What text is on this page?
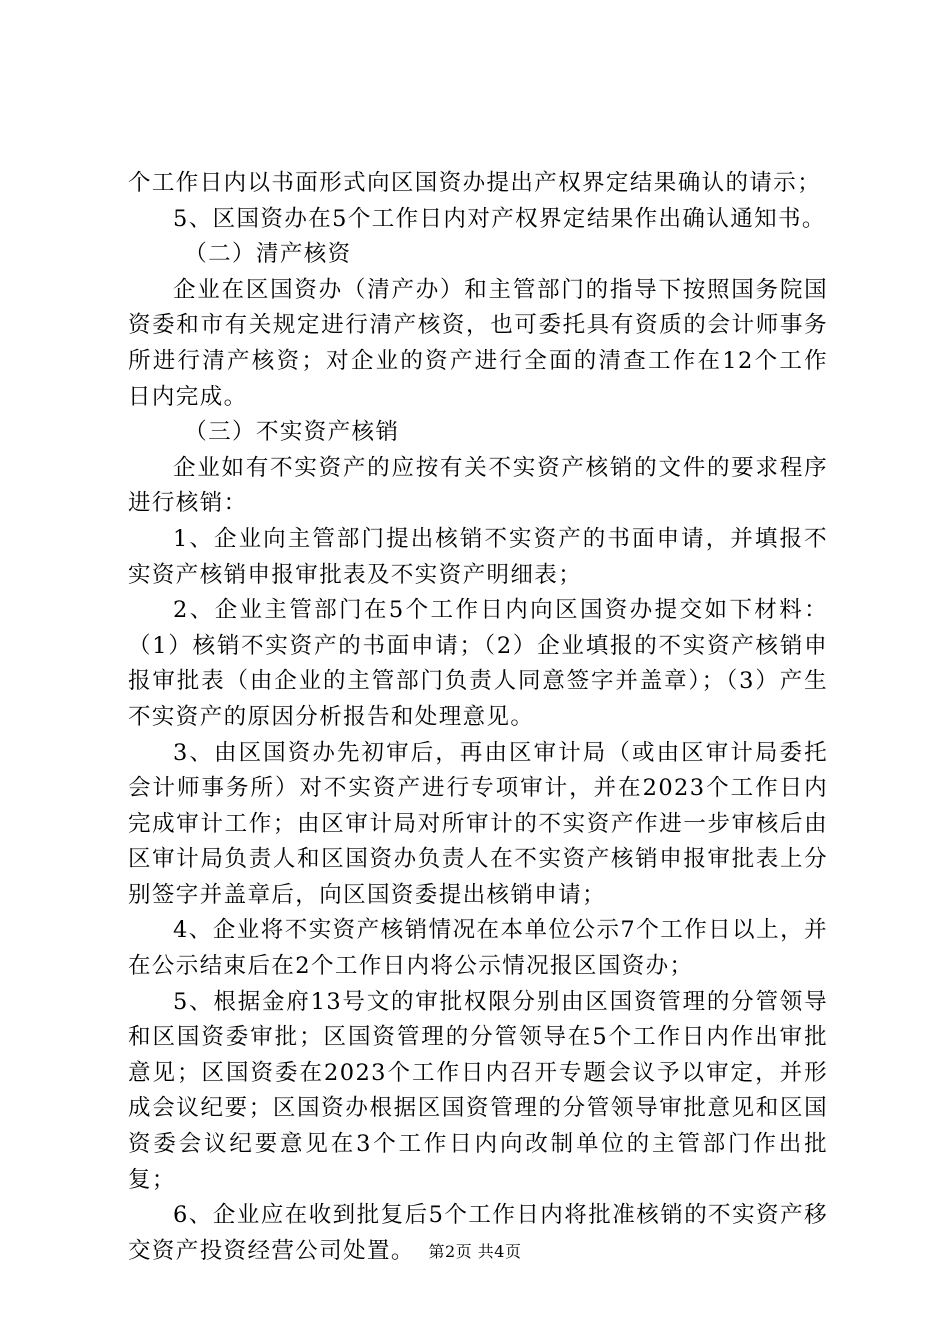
个工作日内以书面形式向区国资办提出产权界定结果确认的请示；

5、区国资办在5个工作日内对产权界定结果作出确认通知书。

（二）清产核资

企业在区国资办（清产办）和主管部门的指导下按照国务院国资委和市有关规定进行清产核资，也可委托具有资质的会计师事务所进行清产核资；对企业的资产进行全面的清查工作在12个工作日内完成。

（三）不实资产核销

企业如有不实资产的应按有关不实资产核销的文件的要求程序进行核销：

1、企业向主管部门提出核销不实资产的书面申请，并填报不实资产核销申报审批表及不实资产明细表；

2、企业主管部门在5个工作日内向区国资办提交如下材料：（1）核销不实资产的书面申请；（2）企业填报的不实资产核销申报审批表（由企业的主管部门负责人同意签字并盖章）；（3）产生不实资产的原因分析报告和处理意见。

3、由区国资办先初审后，再由区审计局（或由区审计局委托会计师事务所）对不实资产进行专项审计，并在2023个工作日内完成审计工作；由区审计局对所审计的不实资产作进一步审核后由区审计局负责人和区国资办负责人在不实资产核销申报审批表上分别签字并盖章后，向区国资委提出核销申请；

4、企业将不实资产核销情况在本单位公示7个工作日以上，并在公示结束后在2个工作日内将公示情况报区国资办；

5、根据金府13号文的审批权限分别由区国资管理的分管领导和区国资委审批；区国资管理的分管领导在5个工作日内作出审批意见；区国资委在2023个工作日内召开专题会议予以审定，并形成会议纪要；区国资办根据区国资管理的分管领导审批意见和区国资委会议纪要意见在3个工作日内向改制单位的主管部门作出批复；

6、企业应在收到批复后5个工作日内将批准核销的不实资产移交资产投资经营公司处置。 第2页 共4页
